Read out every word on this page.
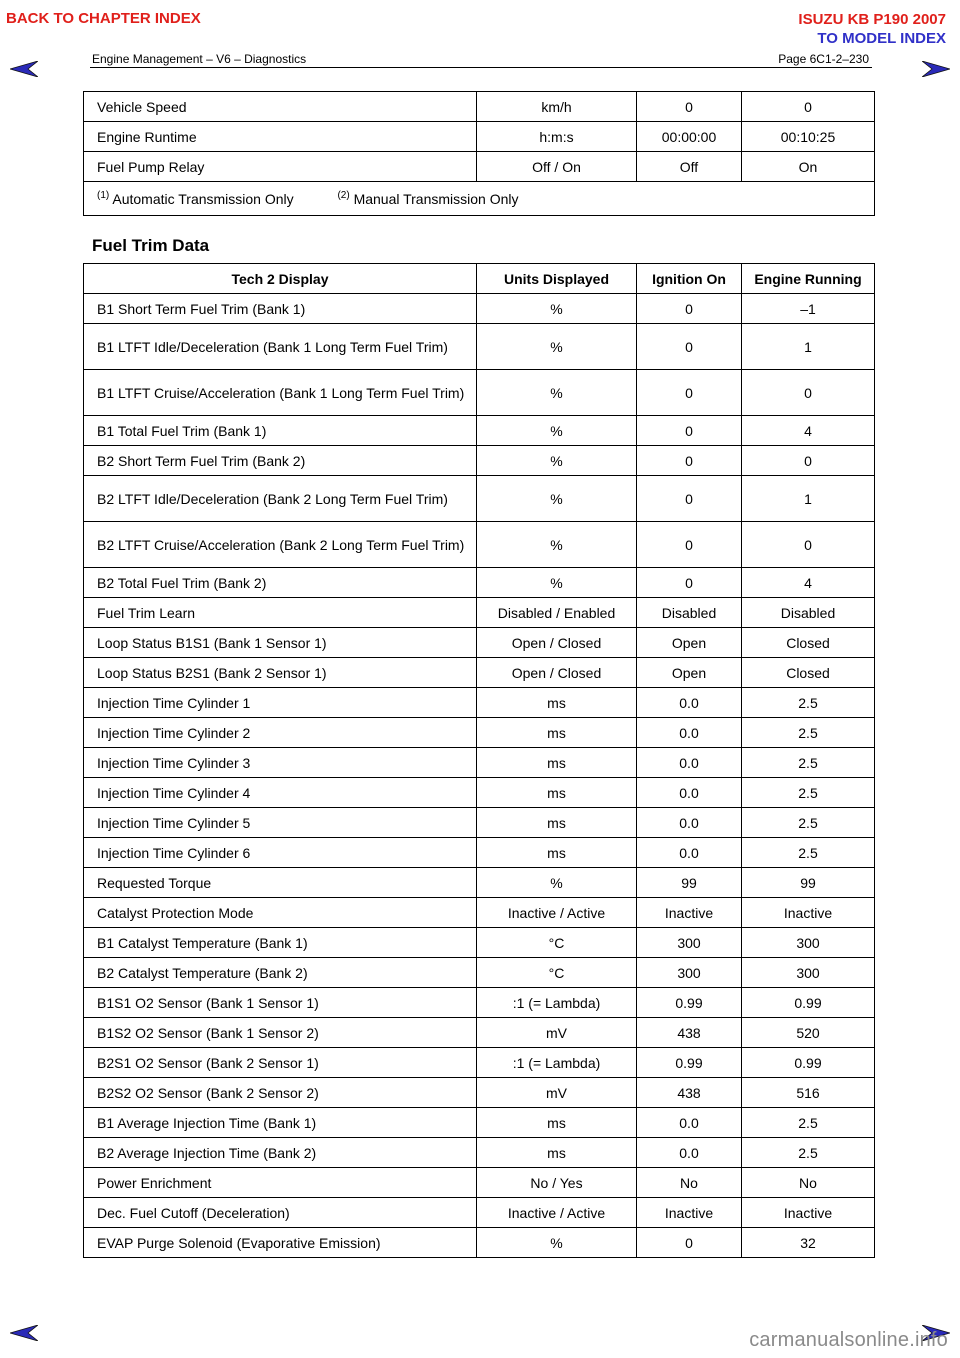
BACK TO CHAPTER INDEX	ISUZU KB P190 2007
TO MODEL INDEX
Engine Management – V6 – Diagnostics	Page 6C1-2–230
Vehicle Speed	km/h	0	0
Engine Runtime	h:m:s	00:00:00	00:10:25
Fuel Pump Relay	Off / On	Off	On
$^{(1)}$ Automatic Transmission Only $^{(2)}$ Manual Transmission Only			
Fuel Trim Data
Tech 2 Display	Units Displayed	Ignition On	Engine Running
B1 Short Term Fuel Trim (Bank 1)	%	0	–1
B1 LTFT Idle/Deceleration (Bank 1 Long Term Fuel Trim)	%	0	1
B1 LTFT Cruise/Acceleration (Bank 1 Long Term Fuel Trim)	%	0	0
B1 Total Fuel Trim (Bank 1)	%	0	4
B2 Short Term Fuel Trim (Bank 2)	%	0	0
B2 LTFT Idle/Deceleration (Bank 2 Long Term Fuel Trim)	%	0	1
B2 LTFT Cruise/Acceleration (Bank 2 Long Term Fuel Trim)	%	0	0
B2 Total Fuel Trim (Bank 2)	%	0	4
Fuel Trim Learn	Disabled / Enabled	Disabled	Disabled
Loop Status B1S1 (Bank 1 Sensor 1)	Open / Closed	Open	Closed
Loop Status B2S1 (Bank 2 Sensor 1)	Open / Closed	Open	Closed
Injection Time Cylinder 1	ms	0.0	2.5
Injection Time Cylinder 2	ms	0.0	2.5
Injection Time Cylinder 3	ms	0.0	2.5
Injection Time Cylinder 4	ms	0.0	2.5
Injection Time Cylinder 5	ms	0.0	2.5
Injection Time Cylinder 6	ms	0.0	2.5
Requested Torque	%	99	99
Catalyst Protection Mode	Inactive / Active	Inactive	Inactive
B1 Catalyst Temperature (Bank 1)	°C	300	300
B2 Catalyst Temperature (Bank 2)	°C	300	300
B1S1 O2 Sensor (Bank 1 Sensor 1)	:1 (= Lambda)	0.99	0.99
B1S2 O2 Sensor (Bank 1 Sensor 2)	mV	438	520
B2S1 O2 Sensor (Bank 2 Sensor 1)	:1 (= Lambda)	0.99	0.99
B2S2 O2 Sensor (Bank 2 Sensor 2)	mV	438	516
B1 Average Injection Time (Bank 1)	ms	0.0	2.5
B2 Average Injection Time (Bank 2)	ms	0.0	2.5
Power Enrichment	No / Yes	No	No
Dec. Fuel Cutoff (Deceleration)	Inactive / Active	Inactive	Inactive
EVAP Purge Solenoid (Evaporative Emission)	%	0	32
carmanualsonline.info
